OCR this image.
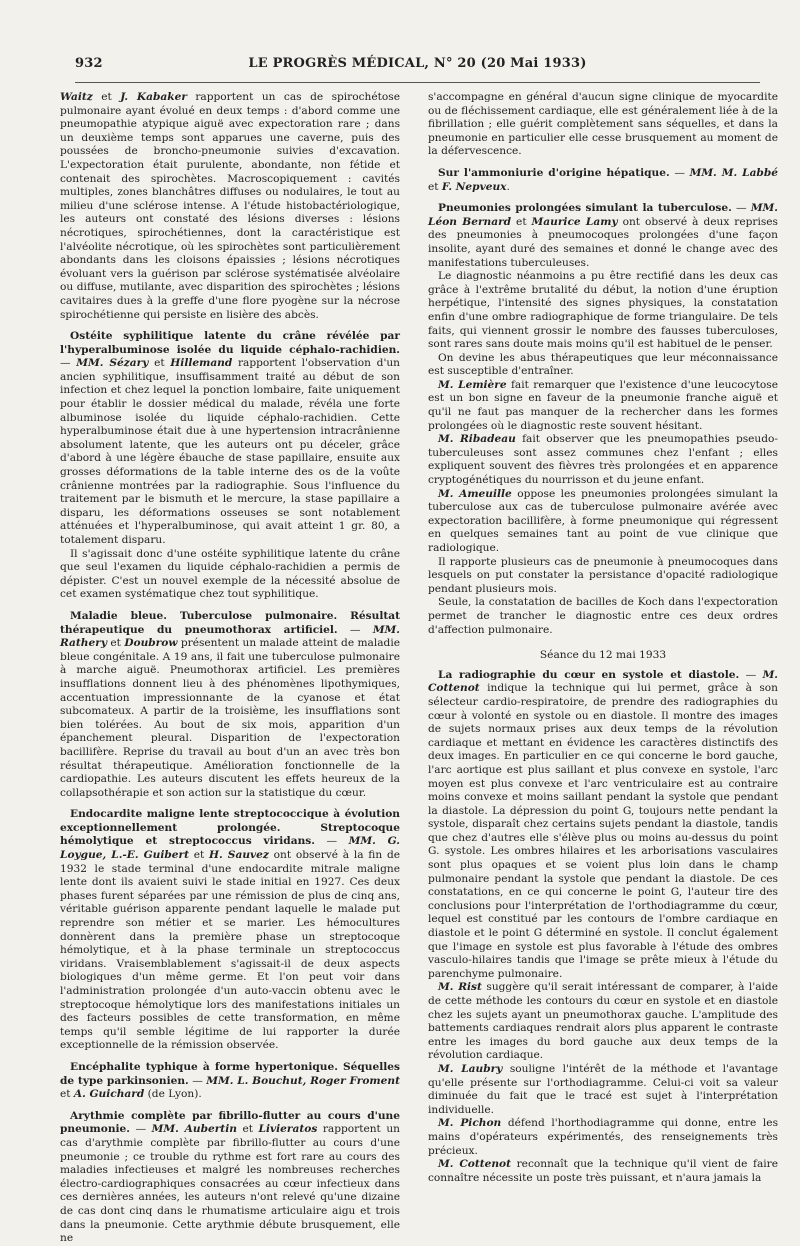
932	LE PROGRÈS MÉDICAL, N° 20 (20 Mai 1933)

Waitz et J. Kabaker rapportent un cas de spirochétose pulmonaire ayant évolué en deux temps : d'abord comme une pneumopathie atypique aiguë avec expectoration rare ; dans un deuxième temps sont apparues une caverne, puis des poussées de broncho-pneumonie suivies d'excavation. L'expectoration était purulente, abondante, non fétide et contenait des spirochètes. Macroscopiquement : cavités multiples, zones blanchâtres diffuses ou nodulaires, le tout au milieu d'une sclérose intense. A l'étude histobactériologique, les auteurs ont constaté des lésions diverses : lésions nécrotiques, spirochétiennes, dont la caractéristique est l'alvéolite nécrotique, où les spirochètes sont particulièrement abondants dans les cloisons épaissies ; lésions nécrotiques évoluant vers la guérison par sclérose systématisée alvéolaire ou diffuse, mutilante, avec disparition des spirochètes ; lésions cavitaires dues à la greffe d'une flore pyogène sur la nécrose spirochétienne qui persiste en lisière des abcès.

Ostéite syphilitique latente du crâne révélée par l'hyperalbuminose isolée du liquide céphalo-rachidien. — MM. Sézary et Hillemand rapportent l'observation d'un ancien syphilitique, insuffisamment traité au début de son infection et chez lequel la ponction lombaire, faite uniquement pour établir le dossier médical du malade, révéla une forte albuminose isolée du liquide céphalo-rachidien. Cette hyperalbuminose était due à une hypertension intracrânienne absolument latente, que les auteurs ont pu déceler, grâce d'abord à une légère ébauche de stase papillaire, ensuite aux grosses déformations de la table interne des os de la voûte crânienne montrées par la radiographie. Sous l'influence du traitement par le bismuth et le mercure, la stase papillaire a disparu, les déformations osseuses se sont notablement atténuées et l'hyperalbuminose, qui avait atteint 1 gr. 80, a totalement disparu.

Il s'agissait donc d'une ostéite syphilitique latente du crâne que seul l'examen du liquide céphalo-rachidien a permis de dépister. C'est un nouvel exemple de la nécessité absolue de cet examen systématique chez tout syphilitique.

Maladie bleue. Tuberculose pulmonaire. Résultat thérapeutique du pneumothorax artificiel. — MM. Rathery et Doubrow présentent un malade atteint de maladie bleue congénitale. A 19 ans, il fait une tuberculose pulmonaire à marche aiguë. Pneumothorax artificiel. Les premières insufflations donnent lieu à des phénomènes lipothymiques, accentuation impressionnante de la cyanose et état subcomateux. A partir de la troisième, les insufflations sont bien tolérées. Au bout de six mois, apparition d'un épanchement pleural. Disparition de l'expectoration bacillifère. Reprise du travail au bout d'un an avec très bon résultat thérapeutique. Amélioration fonctionnelle de la cardiopathie. Les auteurs discutent les effets heureux de la collapsothérapie et son action sur la statistique du cœur.

Endocardite maligne lente streptococcique à évolution exceptionnellement prolongée. Streptocoque hémolytique et streptococcus viridans. — MM. G. Loygue, L.-E. Guibert et H. Sauvez ont observé à la fin de 1932 le stade terminal d'une endocardite mitrale maligne lente dont ils avaient suivi le stade initial en 1927. Ces deux phases furent séparées par une rémission de plus de cinq ans, véritable guérison apparente pendant laquelle le malade put reprendre son métier et se marier. Les hémocultures donnèrent dans la première phase un streptocoque hémolytique, et à la phase terminale un streptococcus viridans. Vraisemblablement s'agissait-il de deux aspects biologiques d'un même germe. Et l'on peut voir dans l'administration prolongée d'un auto-vaccin obtenu avec le streptocoque hémolytique lors des manifestations initiales un des facteurs possibles de cette transformation, en même temps qu'il semble légitime de lui rapporter la durée exceptionnelle de la rémission observée.

Encéphalite typhique à forme hypertonique. Séquelles de type parkinsonien. — MM. L. Bouchut, Roger Froment et A. Guichard (de Lyon).

Arythmie complète par fibrillo-flutter au cours d'une pneumonie. — MM. Aubertin et Livieratos rapportent un cas d'arythmie complète par fibrillo-flutter au cours d'une pneumonie ; ce trouble du rythme est fort rare au cours des maladies infectieuses et malgré les nombreuses recherches électro-cardiographiques consacrées au cœur infectieux dans ces dernières années, les auteurs n'ont relevé qu'une dizaine de cas dont cinq dans le rhumatisme articulaire aigu et trois dans la pneumonie. Cette arythmie débute brusquement, elle ne

s'accompagne en général d'aucun signe clinique de myocardite ou de fléchissement cardiaque, elle est généralement liée à de la fibrillation ; elle guérit complètement sans séquelles, et dans la pneumonie en particulier elle cesse brusquement au moment de la défervescence.

Sur l'ammoniurie d'origine hépatique. — MM. M. Labbé et F. Nepveux.

Pneumonies prolongées simulant la tuberculose. — MM. Léon Bernard et Maurice Lamy ont observé à deux reprises des pneumonies à pneumocoques prolongées d'une façon insolite, ayant duré des semaines et donné le change avec des manifestations tuberculeuses.

Le diagnostic néanmoins a pu être rectifié dans les deux cas grâce à l'extrême brutalité du début, la notion d'une éruption herpétique, l'intensité des signes physiques, la constatation enfin d'une ombre radiographique de forme triangulaire. De tels faits, qui viennent grossir le nombre des fausses tuberculoses, sont rares sans doute mais moins qu'il est habituel de le penser.

On devine les abus thérapeutiques que leur méconnaissance est susceptible d'entraîner.

M. Lemière fait remarquer que l'existence d'une leucocytose est un bon signe en faveur de la pneumonie franche aiguë et qu'il ne faut pas manquer de la rechercher dans les formes prolongées où le diagnostic reste souvent hésitant.

M. Ribadeau fait observer que les pneumopathies pseudo-tuberculeuses sont assez communes chez l'enfant ; elles expliquent souvent des fièvres très prolongées et en apparence cryptogénétiques du nourrisson et du jeune enfant.

M. Ameuille oppose les pneumonies prolongées simulant la tuberculose aux cas de tuberculose pulmonaire avérée avec expectoration bacillifère, à forme pneumonique qui régressent en quelques semaines tant au point de vue clinique que radiologique.

Il rapporte plusieurs cas de pneumonie à pneumocoques dans lesquels on put constater la persistance d'opacité radiologique pendant plusieurs mois.

Seule, la constatation de bacilles de Koch dans l'expectoration permet de trancher le diagnostic entre ces deux ordres d'affection pulmonaire.

Séance du 12 mai 1933

La radiographie du cœur en systole et diastole. — M. Cottenot indique la technique qui lui permet, grâce à son sélecteur cardio-respiratoire, de prendre des radiographies du cœur à volonté en systole ou en diastole. Il montre des images de sujets normaux prises aux deux temps de la révolution cardiaque et mettant en évidence les caractères distinctifs des deux images. En particulier en ce qui concerne le bord gauche, l'arc aortique est plus saillant et plus convexe en systole, l'arc moyen est plus convexe et l'arc ventriculaire est au contraire moins convexe et moins saillant pendant la systole que pendant la diastole. La dépression du point G, toujours nette pendant la systole, disparaît chez certains sujets pendant la diastole, tandis que chez d'autres elle s'élève plus ou moins au-dessus du point G. systole. Les ombres hilaires et les arborisations vasculaires sont plus opaques et se voient plus loin dans le champ pulmonaire pendant la systole que pendant la diastole. De ces constatations, en ce qui concerne le point G, l'auteur tire des conclusions pour l'interprétation de l'orthodiagramme du cœur, lequel est constitué par les contours de l'ombre cardiaque en diastole et le point G déterminé en systole. Il conclut également que l'image en systole est plus favorable à l'étude des ombres vasculo-hilaires tandis que l'image se prête mieux à l'étude du parenchyme pulmonaire.

M. Rist suggère qu'il serait intéressant de comparer, à l'aide de cette méthode les contours du cœur en systole et en diastole chez les sujets ayant un pneumothorax gauche. L'amplitude des battements cardiaques rendrait alors plus apparent le contraste entre les images du bord gauche aux deux temps de la révolution cardiaque.

M. Laubry souligne l'intérêt de la méthode et l'avantage qu'elle présente sur l'orthodiagramme. Celui-ci voit sa valeur diminuée du fait que le tracé est sujet à l'interprétation individuelle.

M. Pichon défend l'horthodiagramme qui donne, entre les mains d'opérateurs expérimentés, des renseignements très précieux.

M. Cottenot reconnaît que la technique qu'il vient de faire connaître nécessite un poste très puissant, et n'aura jamais la
